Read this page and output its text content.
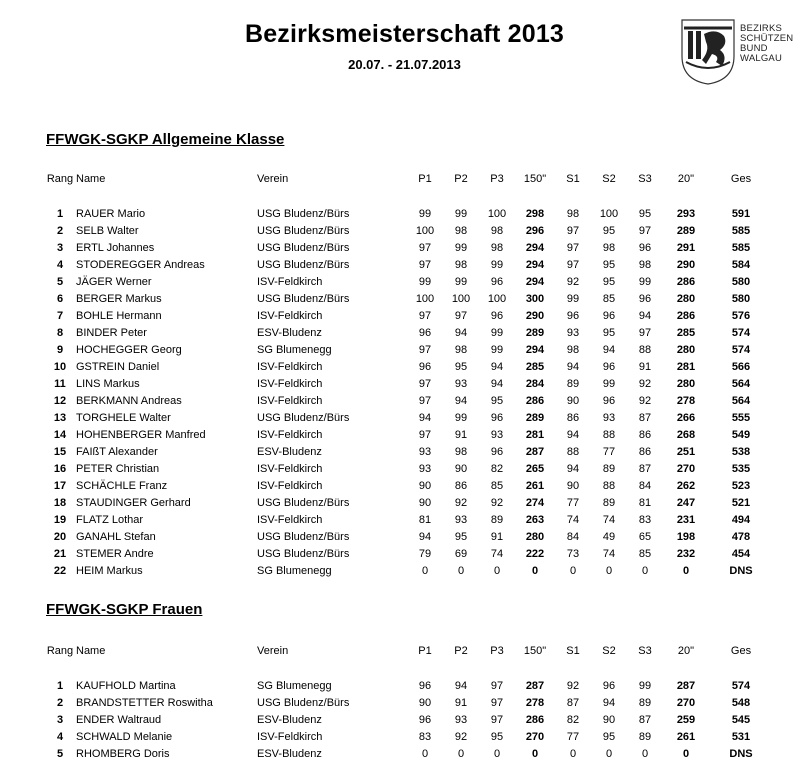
Bezirksmeisterschaft 2013
20.07. - 21.07.2013
BEZIRKS
SCHÜTZEN
BUND
WALGAU
FFWGK-SGKP Allgemeine Klasse
Rang	Name	Verein	P1	P2	P3	150"	S1	S2	S3	20"	Ges

1	RAUER Mario	USG Bludenz/Bürs	99	99	100	298	98	100	95	293	591
2	SELB Walter	USG Bludenz/Bürs	100	98	98	296	97	95	97	289	585
3	ERTL Johannes	USG Bludenz/Bürs	97	99	98	294	97	98	96	291	585
4	STODEREGGER Andreas	USG Bludenz/Bürs	97	98	99	294	97	95	98	290	584
5	JÄGER Werner	ISV-Feldkirch	99	99	96	294	92	95	99	286	580
6	BERGER Markus	USG Bludenz/Bürs	100	100	100	300	99	85	96	280	580
7	BOHLE Hermann	ISV-Feldkirch	97	97	96	290	96	96	94	286	576
8	BINDER Peter	ESV-Bludenz	96	94	99	289	93	95	97	285	574
9	HOCHEGGER Georg	SG Blumenegg	97	98	99	294	98	94	88	280	574
10	GSTREIN Daniel	ISV-Feldkirch	96	95	94	285	94	96	91	281	566
11	LINS Markus	ISV-Feldkirch	97	93	94	284	89	99	92	280	564
12	BERKMANN Andreas	ISV-Feldkirch	97	94	95	286	90	96	92	278	564
13	TORGHELE Walter	USG Bludenz/Bürs	94	99	96	289	86	93	87	266	555
14	HOHENBERGER Manfred	ISV-Feldkirch	97	91	93	281	94	88	86	268	549
15	FAIßT Alexander	ESV-Bludenz	93	98	96	287	88	77	86	251	538
16	PETER Christian	ISV-Feldkirch	93	90	82	265	94	89	87	270	535
17	SCHÄCHLE Franz	ISV-Feldkirch	90	86	85	261	90	88	84	262	523
18	STAUDINGER Gerhard	USG Bludenz/Bürs	90	92	92	274	77	89	81	247	521
19	FLATZ Lothar	ISV-Feldkirch	81	93	89	263	74	74	83	231	494
20	GANAHL Stefan	USG Bludenz/Bürs	94	95	91	280	84	49	65	198	478
21	STEMER Andre	USG Bludenz/Bürs	79	69	74	222	73	74	85	232	454
22	HEIM Markus	SG Blumenegg	0	0	0	0	0	0	0	0	DNS
FFWGK-SGKP Frauen
Rang	Name	Verein	P1	P2	P3	150"	S1	S2	S3	20"	Ges

1	KAUFHOLD Martina	SG Blumenegg	96	94	97	287	92	96	99	287	574
2	BRANDSTETTER Roswitha	USG Bludenz/Bürs	90	91	97	278	87	94	89	270	548
3	ENDER Waltraud	ESV-Bludenz	96	93	97	286	82	90	87	259	545
4	SCHWALD Melanie	ISV-Feldkirch	83	92	95	270	77	95	89	261	531
5	RHOMBERG Doris	ESV-Bludenz	0	0	0	0	0	0	0	0	DNS
